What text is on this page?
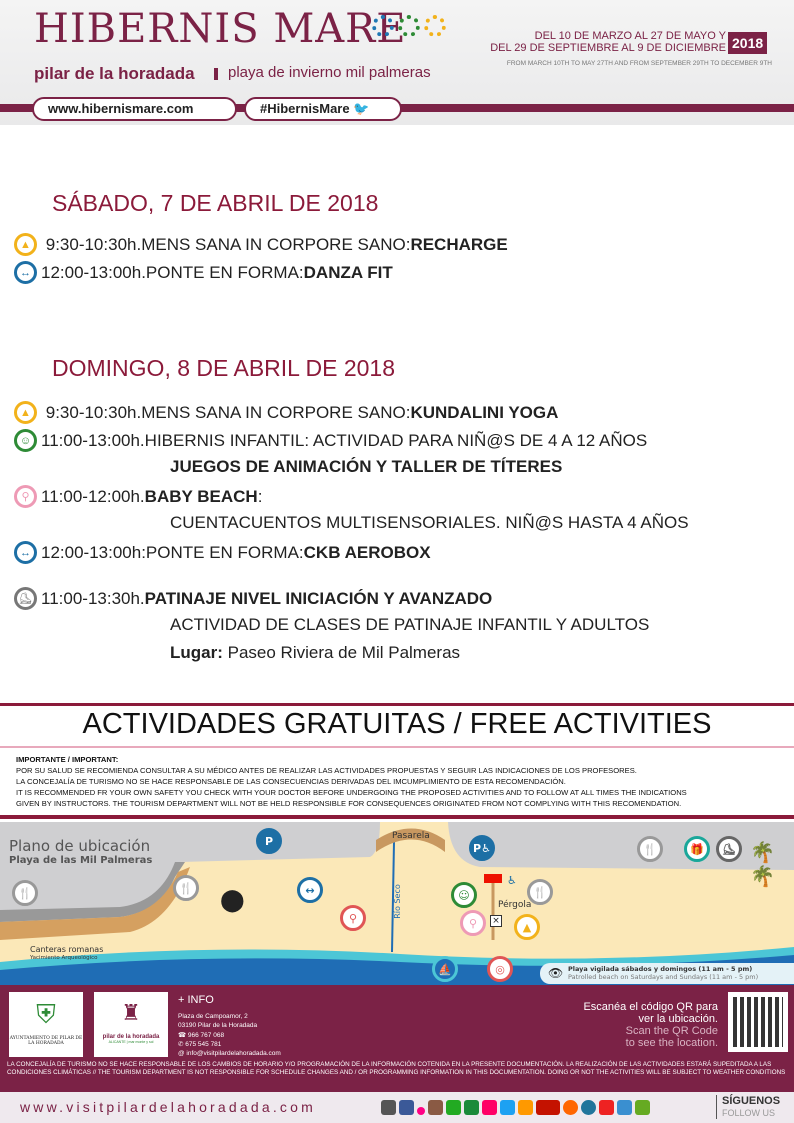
HIBERNIS MARE
pilar de la horadada playa de invierno mil palmeras
DEL 10 DE MARZO AL 27 DE MAYO Y
DEL 29 DE SEPTIEMBRE AL 9 DE DICIEMBRE 2018
FROM MARCH 10TH TO MAY 27TH AND FROM SEPTEMBER 29TH TO DECEMBER 9TH
www.hibernismare.com	#HibernisMare 🐦
SÁBADO, 7 DE ABRIL DE 2018
▲
9:30-10:30h. MENS SANA IN CORPORE SANO: RECHARGE
↔ 12:00-13:00h. PONTE EN FORMA: DANZA FIT
DOMINGO, 8 DE ABRIL DE 2018
▲
9:30-10:30h. MENS SANA IN CORPORE SANO: KUNDALINI YOGA
☺ 11:00-13:00h. HIBERNIS INFANTIL: ACTIVIDAD PARA NIÑ@S DE 4 A 12 AÑOS
JUEGOS DE ANIMACIÓN Y TALLER DE TÍTERES
⚲ 11:00-12:00h. BABY BEACH :
CUENTACUENTOS MULTISENSORIALES. NIÑ@S HASTA 4 AÑOS
↔ 12:00-13:00h: PONTE EN FORMA: CKB AEROBOX
⛸ 11:00-13:30h. PATINAJE NIVEL INICIACIÓN Y AVANZADO
ACTIVIDAD DE CLASES DE PATINAJE INFANTIL Y ADULTOS
Lugar: Paseo Riviera de Mil Palmeras
ACTIVIDADES GRATUITAS / FREE ACTIVITIES
IMPORTANTE / IMPORTANT:
POR SU SALUD SE RECOMIENDA CONSULTAR A SU MÉDICO ANTES DE REALIZAR LAS ACTIVIDADES PROPUESTAS Y SEGUIR LAS INDICACIONES DE LOS PROFESORES.
LA CONCEJALÍA DE TURISMO NO SE HACE RESPONSABLE DE LAS CONSECUENCIAS DERIVADAS DEL IMCUMPLIMIENTO DE ESTA RECOMENDACIÓN.
IT IS RECOMMENDED FR YOUR OWN SAFETY YOU CHECK WITH YOUR DOCTOR BEFORE UNDERGOING THE PROPOSED ACTIVITIES AND TO FOLLOW AT ALL TIMES THE INDICATIONS
GIVEN BY INSTRUCTORS. THE TOURISM DEPARTMENT WILL NOT BE HELD RESPONSIBLE FOR CONSEQUENCES ORIGINATED FROM NOT COMPLYING WITH THIS RECOMENDATION.
Plano de ubicación
Playa de las Mil Palmeras
Pasarela
Río Seco	Pérgola
Canteras romanas
Yacimiento Arqueológico
P
P♿
🍴	🍴	🍴
🍴	🎁	⛸ 🌴🌴
⬤	↔
⚲
☺
⚲	▲
♿
×
⛵	◎	👁 Playa vigilada sábados y domingos (11 am - 5 pm)
Patrolled beach on Saturdays and Sundays (11 am - 5 pm)
⛨
AYUNTAMIENTO DE PILAR DE LA HORADADA
♜
pilar de la horadada
ALICANTE | mar monte y sol
+ INFO
Plaza de Campoamor, 2
03190 Pilar de la Horadada
☎ 966 767 068
✆ 675 545 781
@ info@visitpilardelahoradada.com
Escanéa el código QR para
ver la ubicación.
Scan the QR Code
to see the location.
LA CONCEJALÍA DE TURISMO NO SE HACE RESPONSABLE DE LOS CAMBIOS DE HORARIO Y/O PROGRAMACIÓN DE LA INFORMACIÓN COTENIDA EN LA PRESENTE DOCUMENTACIÓN. LA REALIZACIÓN DE LAS ACTIVIDADES ESTARÁ SUPEDITADA A LAS CONDICIONES CLIMÁTICAS // THE TOURISM DEPARTMENT IS NOT RESPONSIBLE FOR SCHEDULE CHANGES AND / OR PROGRAMMING INFORMATION IN THIS DOCUMENTATION. DOING OR NOT THE ACTIVITIES WILL BE SUBJECT TO WEATHER CONDITIONS
www.visitpilardelahoradada.com	SÍGUENOS
FOLLOW US
